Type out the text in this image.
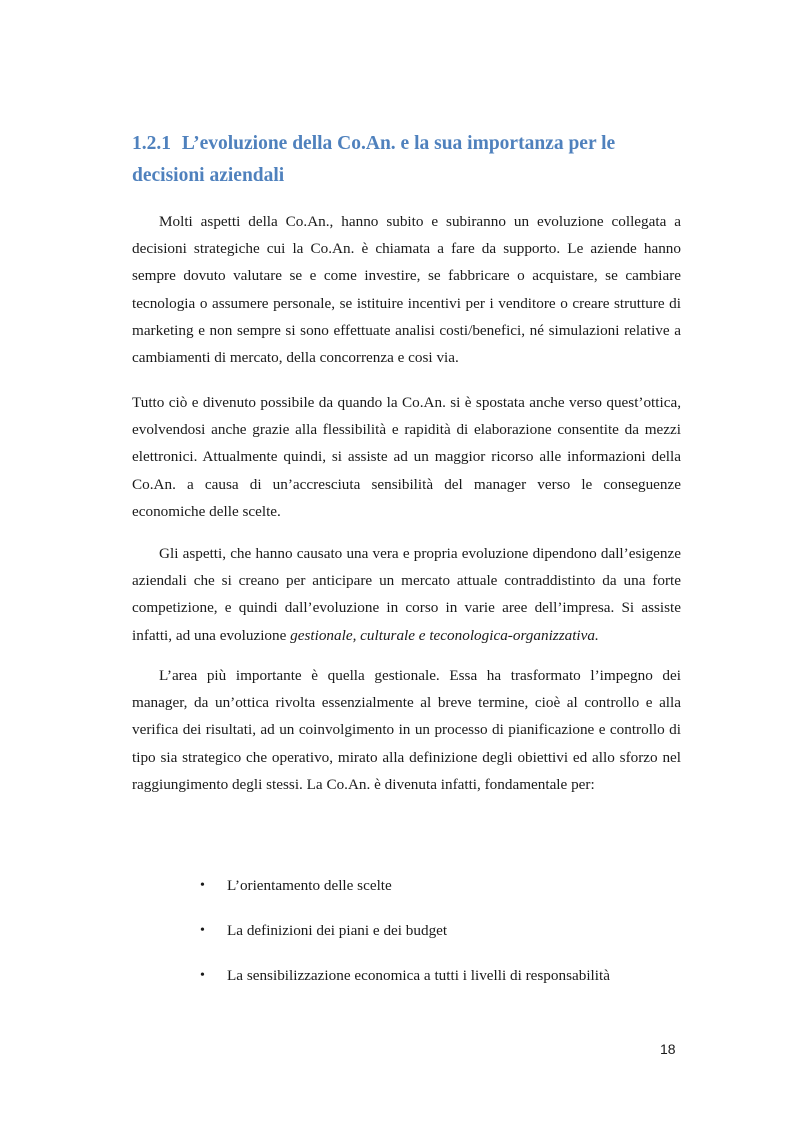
1.2.1 L’evoluzione della Co.An. e la sua importanza per le decisioni aziendali

Molti aspetti della Co.An., hanno subito e subiranno un evoluzione collegata a decisioni strategiche cui la Co.An. è chiamata a fare da supporto. Le aziende hanno sempre dovuto valutare se e come investire, se fabbricare o acquistare, se cambiare tecnologia o assumere personale, se istituire incentivi per i venditore o creare strutture di marketing e non sempre si sono effettuate analisi costi/benefici, né simulazioni relative a cambiamenti di mercato, della concorrenza e cosi via.

Tutto ciò e divenuto possibile da quando la Co.An. si è spostata anche verso quest’ottica, evolvendosi anche grazie alla flessibilità e rapidità di elaborazione consentite da mezzi elettronici. Attualmente quindi, si assiste ad un maggior ricorso alle informazioni della Co.An. a causa di un’accresciuta sensibilità del manager verso le conseguenze economiche delle scelte.

Gli aspetti, che hanno causato una vera e propria evoluzione dipendono dall’esigenze aziendali che si creano per anticipare un mercato attuale contraddistinto da una forte competizione, e quindi dall’evoluzione in corso in varie aree dell’impresa. Si assiste infatti, ad una evoluzione gestionale, culturale e teconologica-organizzativa.

L’area più importante è quella gestionale. Essa ha trasformato l’impegno dei manager, da un’ottica rivolta essenzialmente al breve termine, cioè al controllo e alla verifica dei risultati, ad un coinvolgimento in un processo di pianificazione e controllo di tipo sia strategico che operativo, mirato alla definizione degli obiettivi ed allo sforzo nel raggiungimento degli stessi. La Co.An. è divenuta infatti, fondamentale per:

•	L’orientamento delle scelte
•	La definizioni dei piani e dei budget
•	La sensibilizzazione economica a tutti i livelli di responsabilità
18
